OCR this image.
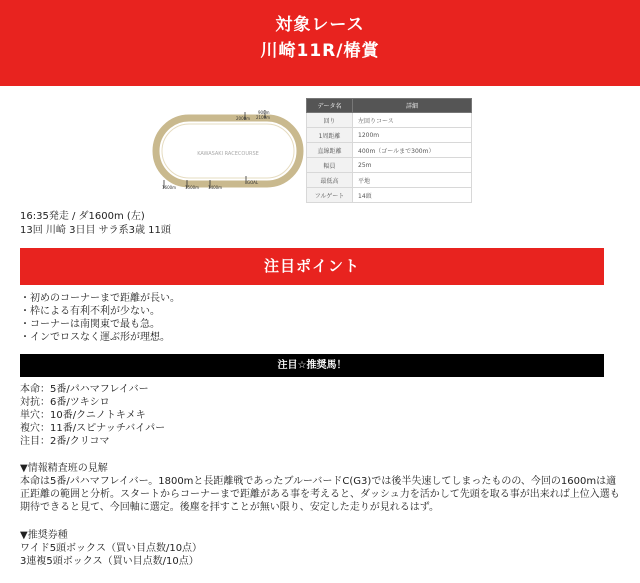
対象レース
川崎11R/椿賞
KAWASAKI RACECOURSE
2000m
900m
2100m
1600m 1500m 1400m
GOAL
データ名	詳細
回り	左回りコース
1周距離	1200m
直線距離	400m（ゴールまで300m）
幅員	25m
最低高	平地
フルゲート	14頭
16:35発走 / ダ1600m (左)
13回 川崎 3日目 サラ系3歳 11頭
注目ポイント
・初めのコーナーまで距離が長い。
・枠による有利不利が少ない。
・コーナーは南関東で最も急。
・インでロスなく運ぶ形が理想。
注目☆推奨馬！
本命：5番/パハマフレイバー
対抗：6番/ツキシロ
単穴：10番/クニノトキメキ
複穴：11番/スピナッチバイパー
注目：2番/クリコマ
▼情報精査班の見解
本命は5番/パハマフレイバー。1800mと長距離戦であったブルーバードC(G3)では後半失速してしまったものの、今回の1600mは適正距離の範囲と分析。スタートからコーナーまで距離がある事を考えると、ダッシュ力を活かして先頭を取る事が出来れば上位入選も期待できると見て、今回軸に選定。後塵を拝すことが無い限り、安定した走りが見れるはず。
▼推奨券種
ワイド5頭ボックス（買い目点数/10点）
3連複5頭ボックス（買い目点数/10点）
